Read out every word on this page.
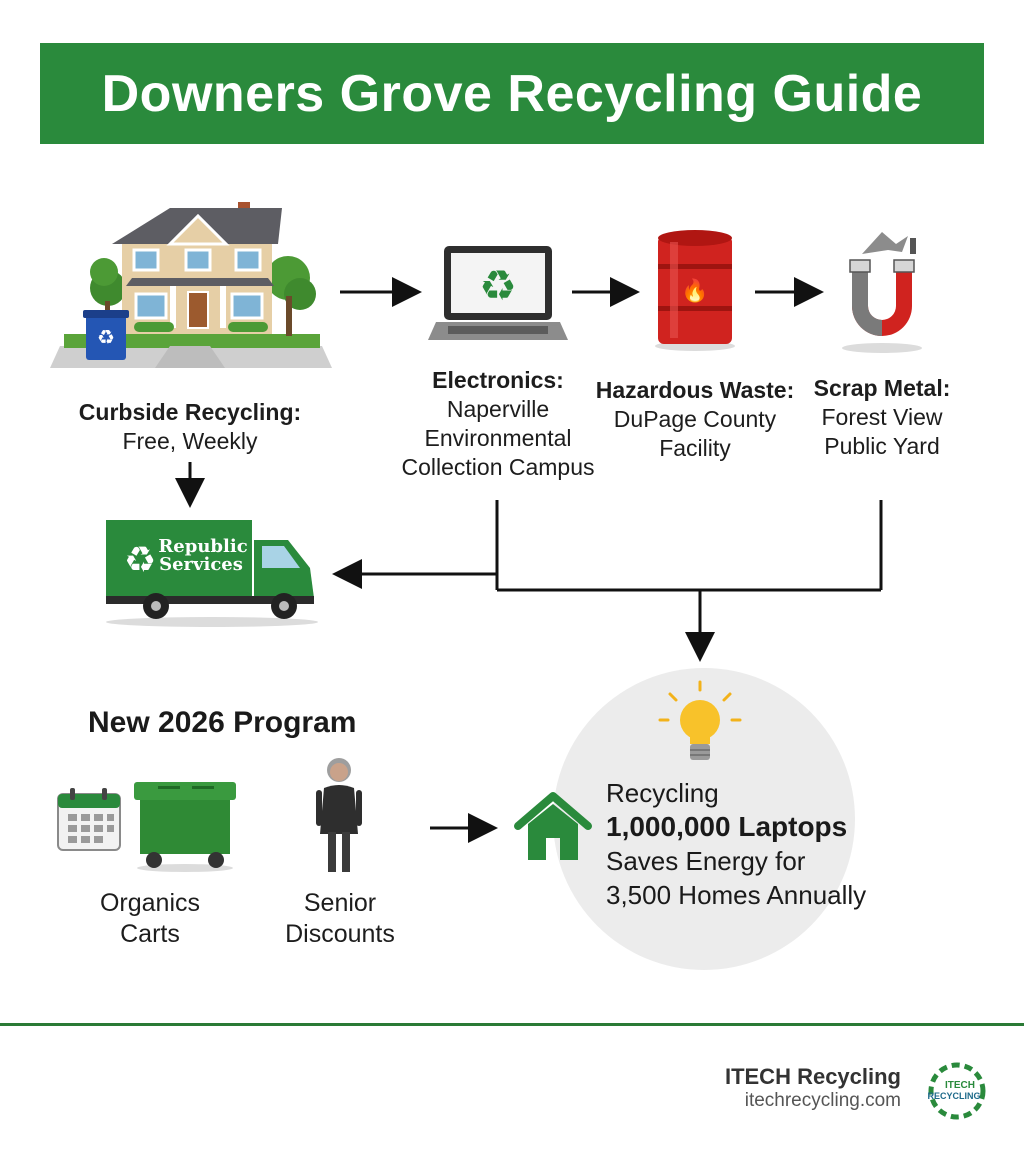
Downers Grove Recycling Guide
♻
Curbside Recycling:
Free, Weekly
♻	🔥
Electronics:
Naperville
Environmental
Collection Campus
Hazardous Waste:
DuPage County
Facility
Scrap Metal:
Forest View
Public Yard
♻ Republic
Services
New 2026 Program
Organics
Carts
Senior
Discounts
Recycling
1,000,000 Laptops
Saves Energy for
3,500 Homes Annually
ITECH Recycling
itechrecycling.com
ITECH
RECYCLING
